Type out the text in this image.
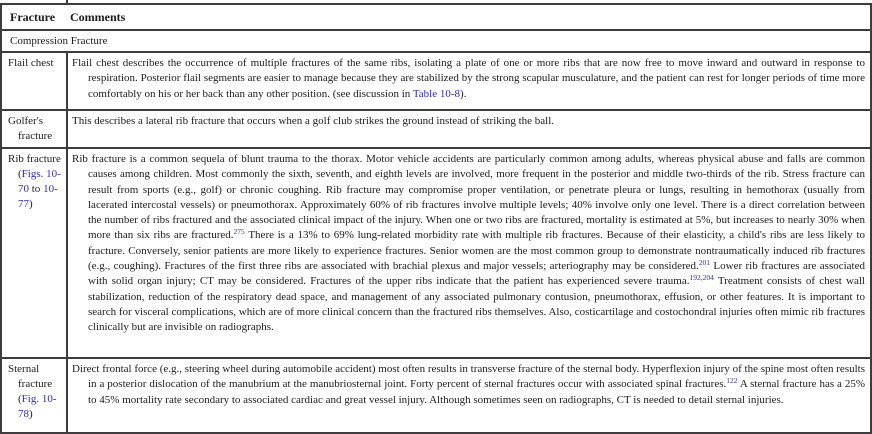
Fracture	Comments
Compression Fracture

Flail chest	Flail chest describes the occurrence of multiple fractures of the same ribs, isolating a plate of one or more ribs that are now free to move inward and outward in response to respiration. Posterior flail segments are easier to manage because they are stabilized by the strong scapular musculature, and the patient can rest for longer periods of time more comfortably on his or her back than any other position. (see discussion in Table 10-8).

Golfer's fracture

This describes a lateral rib fracture that occurs when a golf club strikes the ground instead of striking the ball.

Rib fracture (Figs. 10-70 to 10-77)

Rib fracture is a common sequela of blunt trauma to the thorax. Motor vehicle accidents are particularly common among adults, whereas physical abuse and falls are common causes among children. Most commonly the sixth, seventh, and eighth levels are involved, more frequent in the posterior and middle two-thirds of the rib. Stress fracture can result from sports (e.g., golf) or chronic coughing. Rib fracture may compromise proper ventilation, or penetrate pleura or lungs, resulting in hemothorax (usually from lacerated intercostal vessels) or pneumothorax. Approximately 60% of rib fractures involve multiple levels; 40% involve only one level. There is a direct correlation between the number of ribs fractured and the associated clinical impact of the injury. When one or two ribs are fractured, mortality is estimated at 5%, but increases to nearly 30% when more than six ribs are fractured.$^{275}$ There is a 13% to 69% lung-related morbidity rate with multiple rib fractures. Because of their elasticity, a child's ribs are less likely to fracture. Conversely, senior patients are more likely to experience fractures. Senior women are the most common group to demonstrate nontraumatically induced rib fractures (e.g., coughing). Fractures of the first three ribs are associated with brachial plexus and major vessels; arteriography may be considered.$^{201}$ Lower rib fractures are associated with solid organ injury; CT may be considered. Fractures of the upper ribs indicate that the patient has experienced severe trauma.$^{192,204}$ Treatment consists of chest wall stabilization, reduction of the respiratory dead space, and management of any associated pulmonary contusion, pneumothorax, effusion, or other features. It is important to search for visceral complications, which are of more clinical concern than the fractured ribs themselves. Also, costicartilage and costochondral injuries often mimic rib fractures clinically but are invisible on radiographs.

Sternal fracture (Fig. 10-78)

Direct frontal force (e.g., steering wheel during automobile accident) most often results in transverse fracture of the sternal body. Hyperflexion injury of the spine most often results in a posterior dislocation of the manubrium at the manubriosternal joint. Forty percent of sternal fractures occur with associated spinal fractures.$^{122}$ A sternal fracture has a 25% to 45% mortality rate secondary to associated cardiac and great vessel injury. Although sometimes seen on radiographs, CT is needed to detail sternal injuries.
